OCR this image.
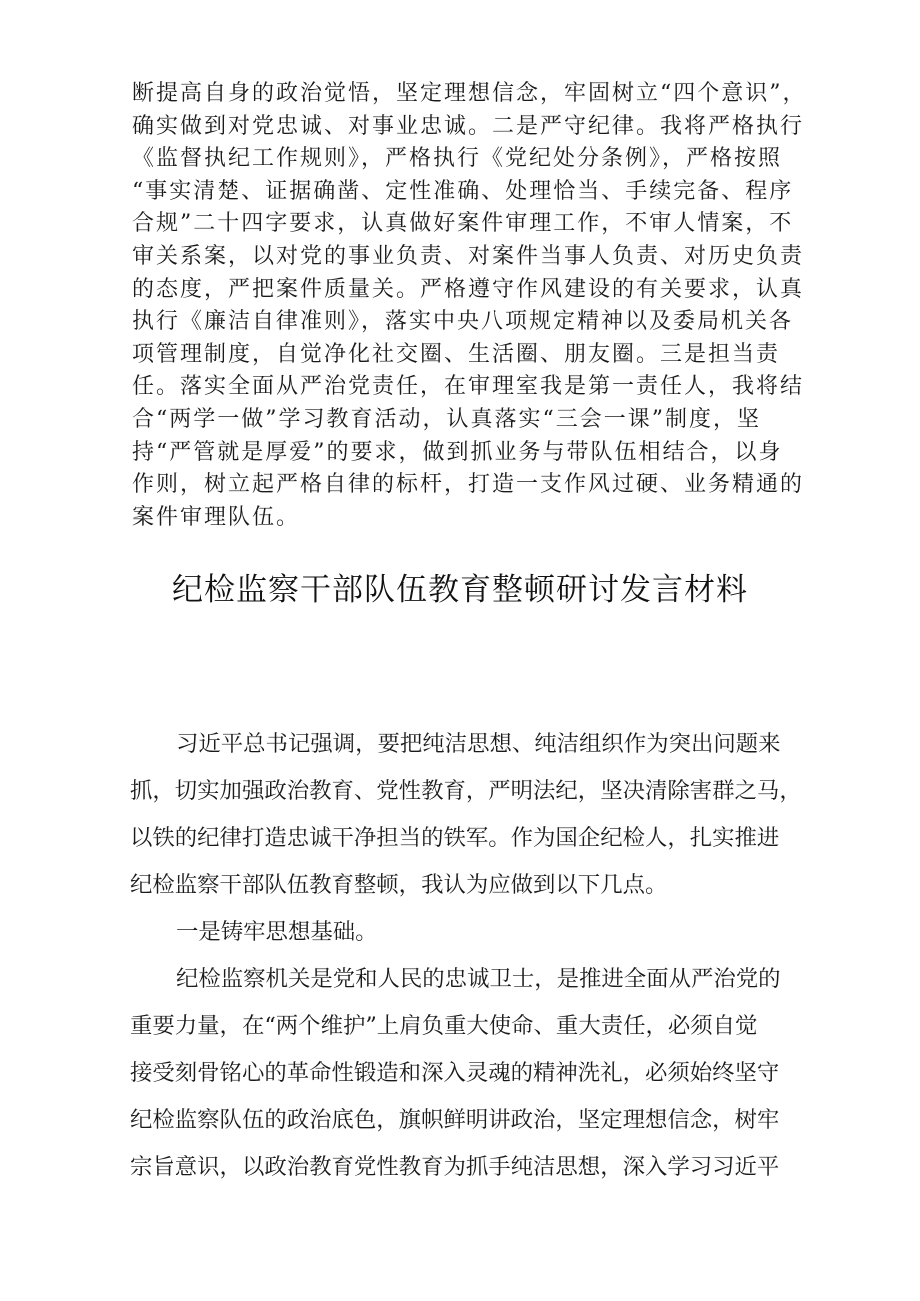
断提高自身的政治觉悟，坚定理想信念，牢固树立“四个意识”，
确实做到对党忠诚、对事业忠诚。二是严守纪律。我将严格执行
《监督执纪工作规则》，严格执行《党纪处分条例》，严格按照
“事实清楚、证据确凿、定性准确、处理恰当、手续完备、程序
合规”二十四字要求，认真做好案件审理工作，不审人情案，不
审关系案，以对党的事业负责、对案件当事人负责、对历史负责
的态度，严把案件质量关。严格遵守作风建设的有关要求，认真
执行《廉洁自律准则》，落实中央八项规定精神以及委局机关各
项管理制度，自觉净化社交圈、生活圈、朋友圈。三是担当责
任。落实全面从严治党责任，在审理室我是第一责任人，我将结
合“两学一做”学习教育活动，认真落实“三会一课”制度，坚
持“严管就是厚爱”的要求，做到抓业务与带队伍相结合，以身
作则，树立起严格自律的标杆，打造一支作风过硬、业务精通的
案件审理队伍。
纪检监察干部队伍教育整顿研讨发言材料
习近平总书记强调，要把纯洁思想、纯洁组织作为突出问题来
抓，切实加强政治教育、党性教育，严明法纪，坚决清除害群之马，
以铁的纪律打造忠诚干净担当的铁军。作为国企纪检人，扎实推进
纪检监察干部队伍教育整顿，我认为应做到以下几点。
一是铸牢思想基础。
纪检监察机关是党和人民的忠诚卫士，是推进全面从严治党的
重要力量，在“两个维护”上肩负重大使命、重大责任，必须自觉
接受刻骨铭心的革命性锻造和深入灵魂的精神洗礼，必须始终坚守
纪检监察队伍的政治底色，旗帜鲜明讲政治，坚定理想信念，树牢
宗旨意识，以政治教育党性教育为抓手纯洁思想，深入学习习近平
